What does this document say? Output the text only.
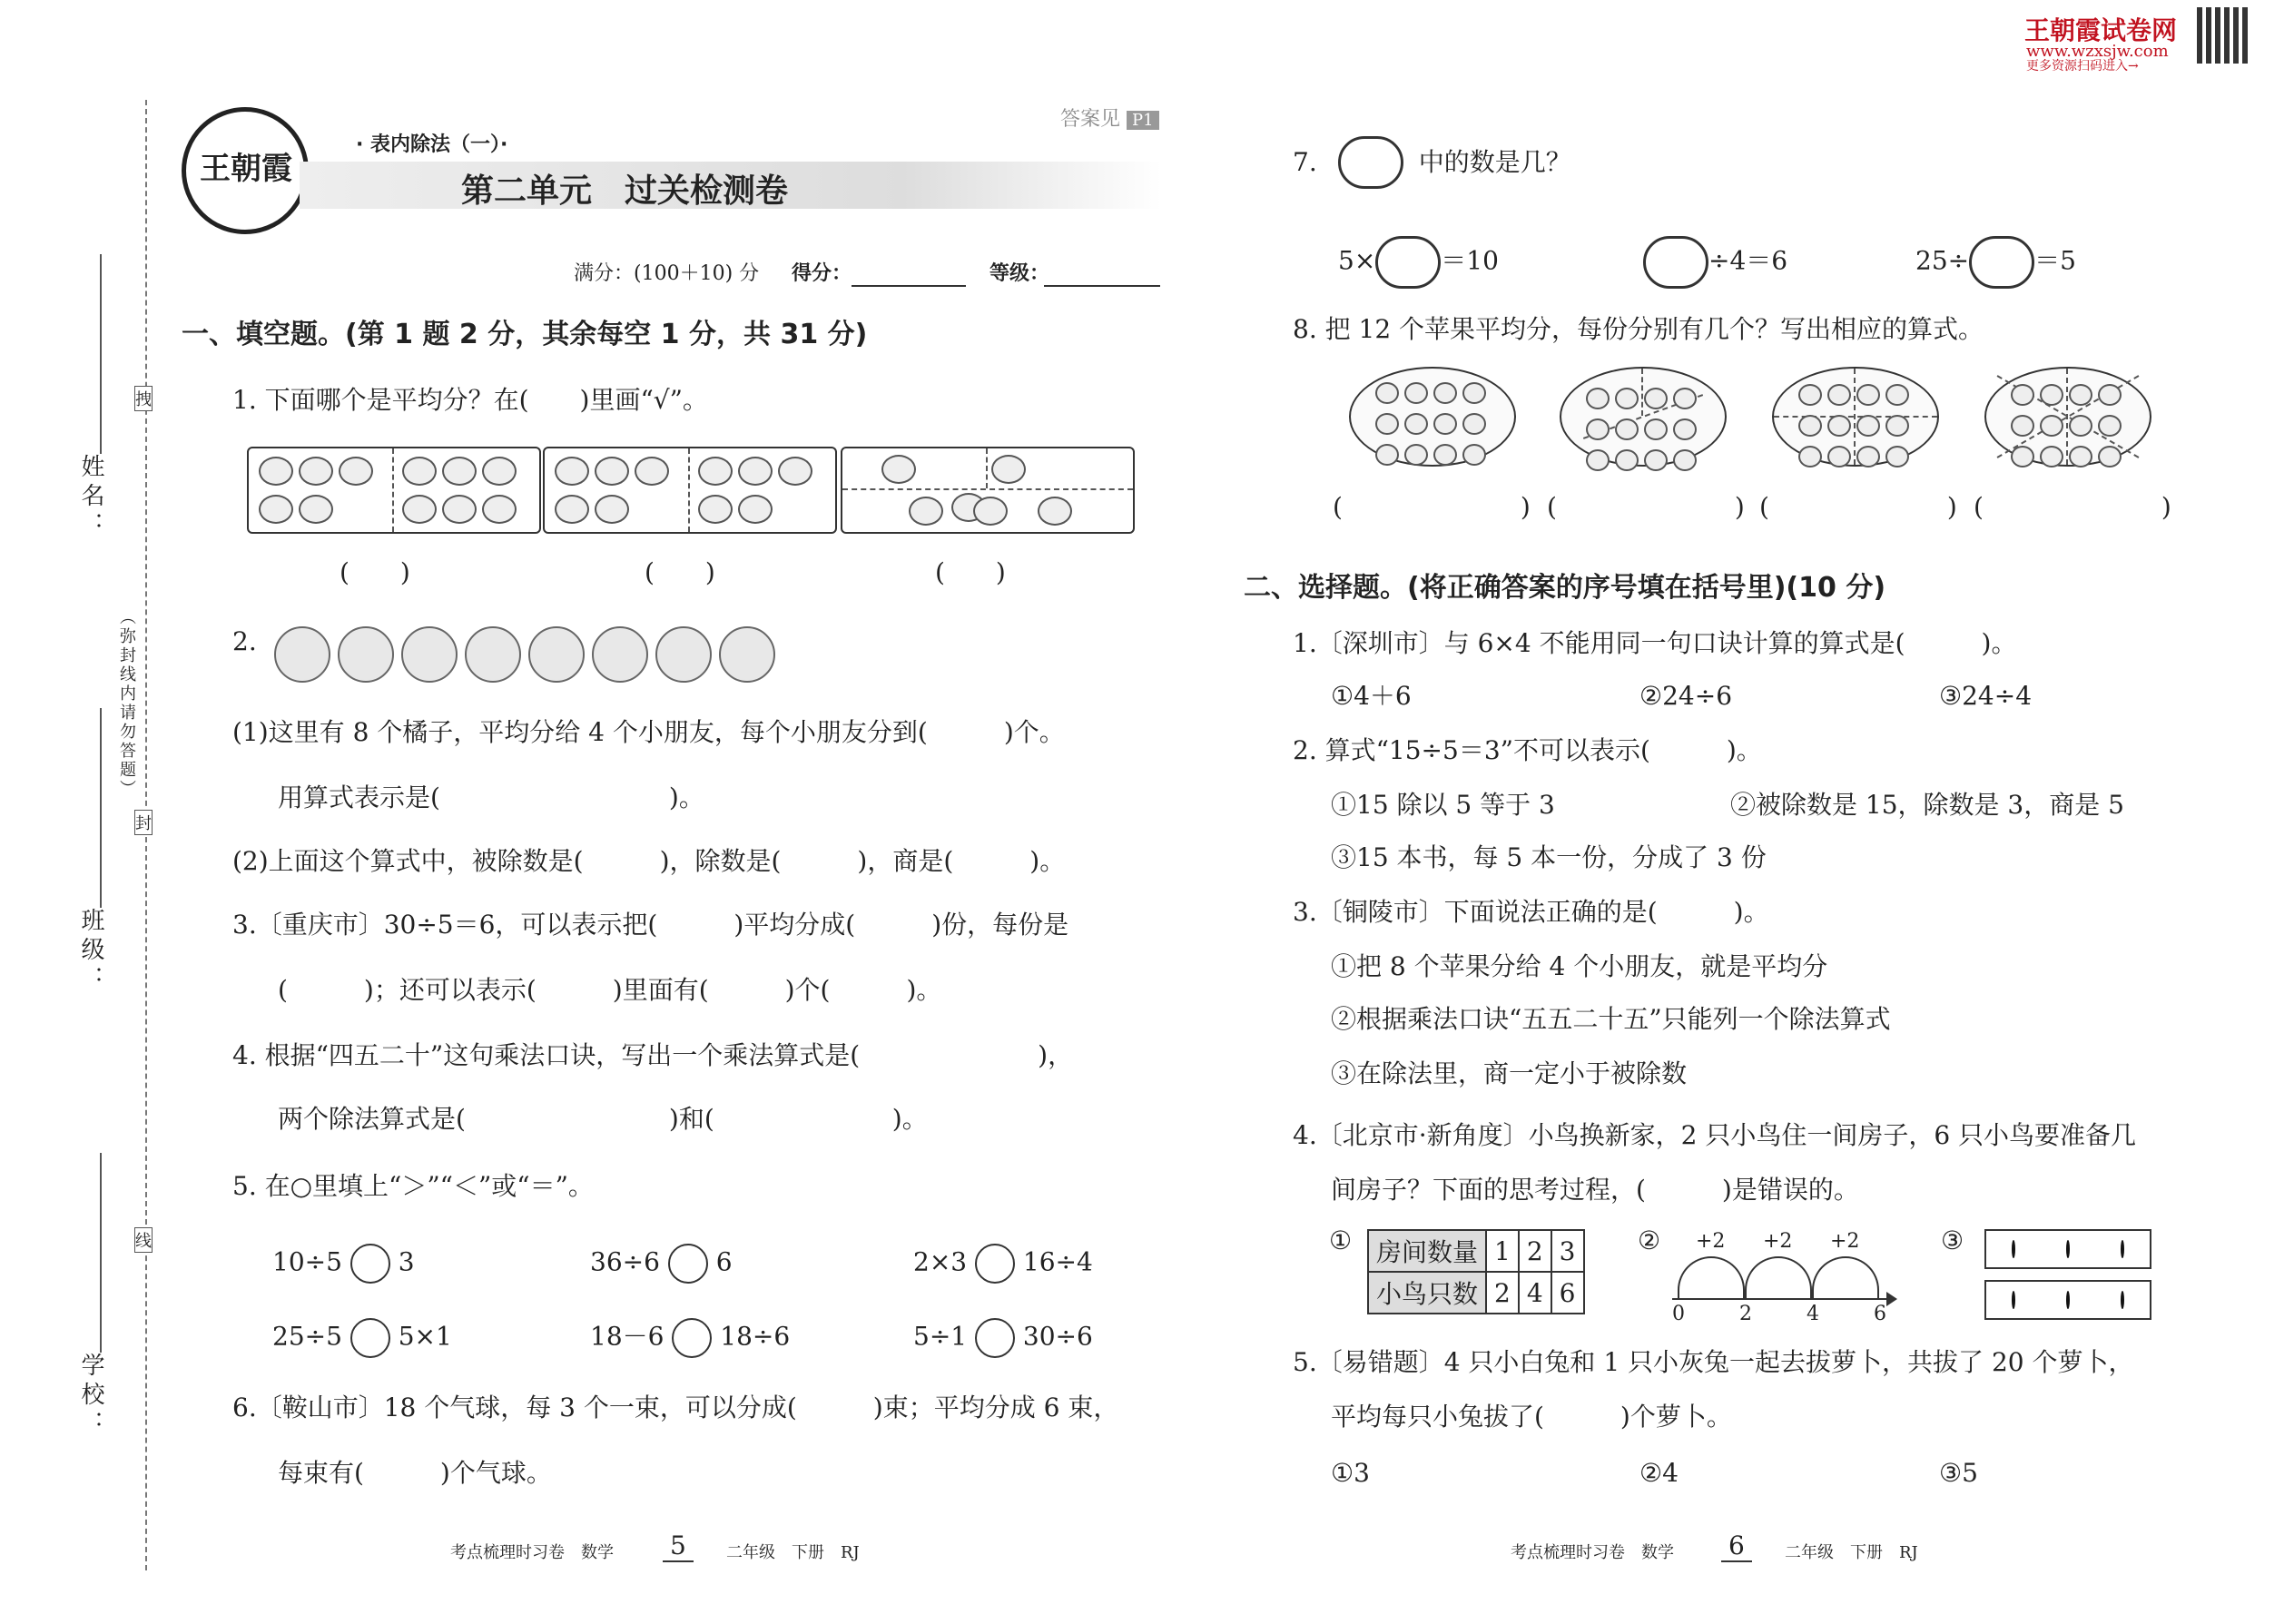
王朝霞试卷网
www.wzxsjw.com
更多资源扫码进入→
姓名：
班级：
学校：
（弥封线内请勿答题）
拽
封
线
王朝霞
答案见 P1
· 表内除法（一）·
第二单元　过关检测卷
满分：(100＋10) 分 得分：	等级：
一、填空题。(第 1 题 2 分，其余每空 1 分，共 31 分)
1. 下面哪个是平均分？在(　　)里画“√”。
(　　)	(　　)	(　　)
2.
(1)这里有 8 个橘子，平均分给 4 个小朋友，每个小朋友分到(　　　)个。
用算式表示是(　　　　　　　　　)。
(2)上面这个算式中，被除数是(　　　)，除数是(　　　)，商是(　　　)。
3.〔重庆市〕30÷5＝6，可以表示把(　　　)平均分成(　　　)份，每份是
(　　　)；还可以表示(　　　)里面有(　　　)个(　　　)。
4. 根据“四五二十”这句乘法口诀，写出一个乘法算式是(　　　　　　　)，
两个除法算式是(　　　　　　　　)和(　　　　　　　)。
5. 在○里填上“＞”“＜”或“＝”。
10÷5 3	36÷6 6	2×3 16÷4
25÷5 5×1	18－6 18÷6	5÷1 30÷6
6.〔鞍山市〕18 个气球，每 3 个一束，可以分成(　　　)束；平均分成 6 束，
每束有(　　　)个气球。
考点梳理时习卷　数学 5	二年级　下册　RJ
7.　　　　中的数是几？
5×	＝10	÷4＝6	25÷	＝5
8. 把 12 个苹果平均分，每份分别有几个？写出相应的算式。
(　　　　　　　) (　　　　　　　) (　　　　　　　) (　　　　　　　)
二、选择题。(将正确答案的序号填在括号里)(10 分)
1.〔深圳市〕与 6×4 不能用同一句口诀计算的算式是(　　　)。
①4＋6	②24÷6	③24÷4
2. 算式“15÷5＝3”不可以表示(　　　)。
①15 除以 5 等于 3	②被除数是 15，除数是 3，商是 5
③15 本书，每 5 本一份，分成了 3 份
3.〔铜陵市〕下面说法正确的是(　　　)。
①把 8 个苹果分给 4 个小朋友，就是平均分
②根据乘法口诀“五五二十五”只能列一个除法算式
③在除法里，商一定小于被除数
4.〔北京市·新角度〕小鸟换新家，2 只小鸟住一间房子，6 只小鸟要准备几
间房子？下面的思考过程，(　　　)是错误的。
① 房间数量	1	2	3
小鸟只数	2	4	6
② +2 +2 +2
0	2	4	6
③
5.〔易错题〕4 只小白兔和 1 只小灰兔一起去拔萝卜，共拔了 20 个萝卜，
平均每只小兔拔了(　　　)个萝卜。
①3	②4	③5
考点梳理时习卷　数学 6	二年级　下册　RJ
